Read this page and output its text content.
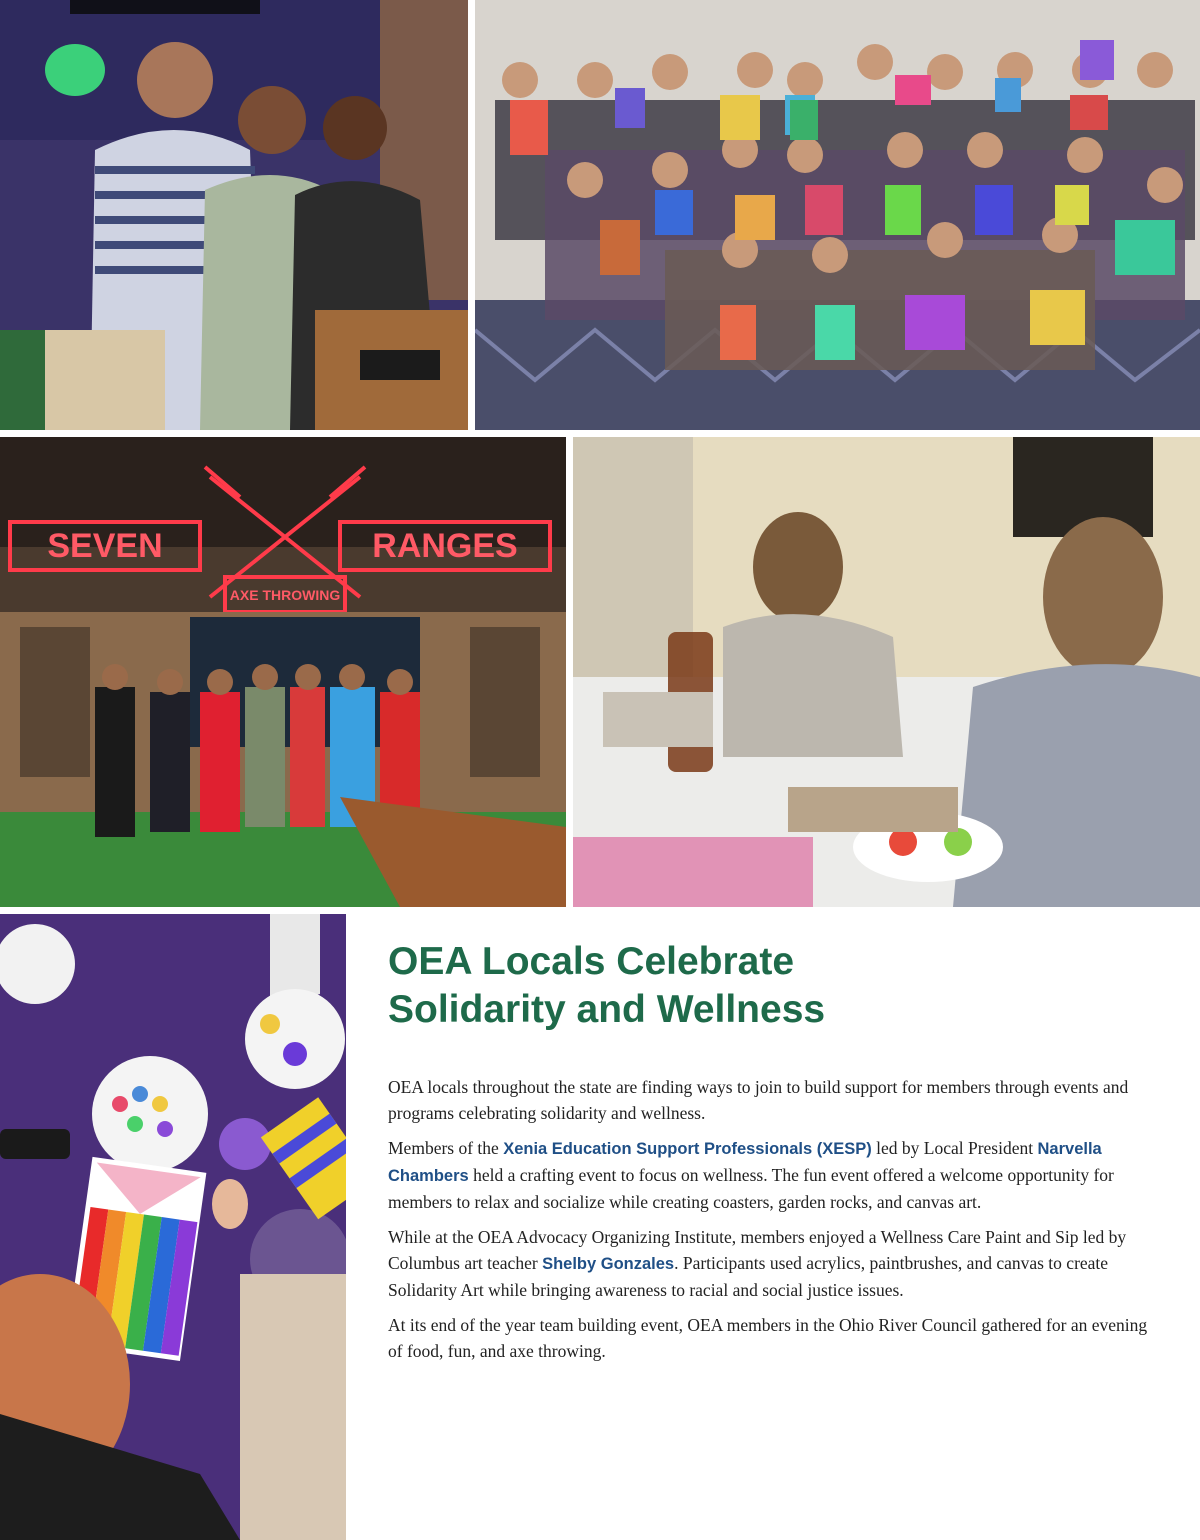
SEVEN	RANGES
AXE THROWING
OEA Locals Celebrate
Solidarity and Wellness

OEA locals throughout the state are finding ways to join to build support for members through events and programs celebrating solidarity and wellness.

Members of the Xenia Education Support Professionals (XESP) led by Local President Narvella Chambers held a crafting event to focus on wellness. The fun event offered a welcome opportunity for members to relax and socialize while creating coasters, garden rocks, and canvas art.

While at the OEA Advocacy Organizing Institute, members enjoyed a Wellness Care Paint and Sip led by Columbus art teacher Shelby Gonzales. Participants used acrylics, paintbrushes, and canvas to create Solidarity Art while bringing awareness to racial and social justice issues.

At its end of the year team building event, OEA members in the Ohio River Council gathered for an evening of food, fun, and axe throwing.
